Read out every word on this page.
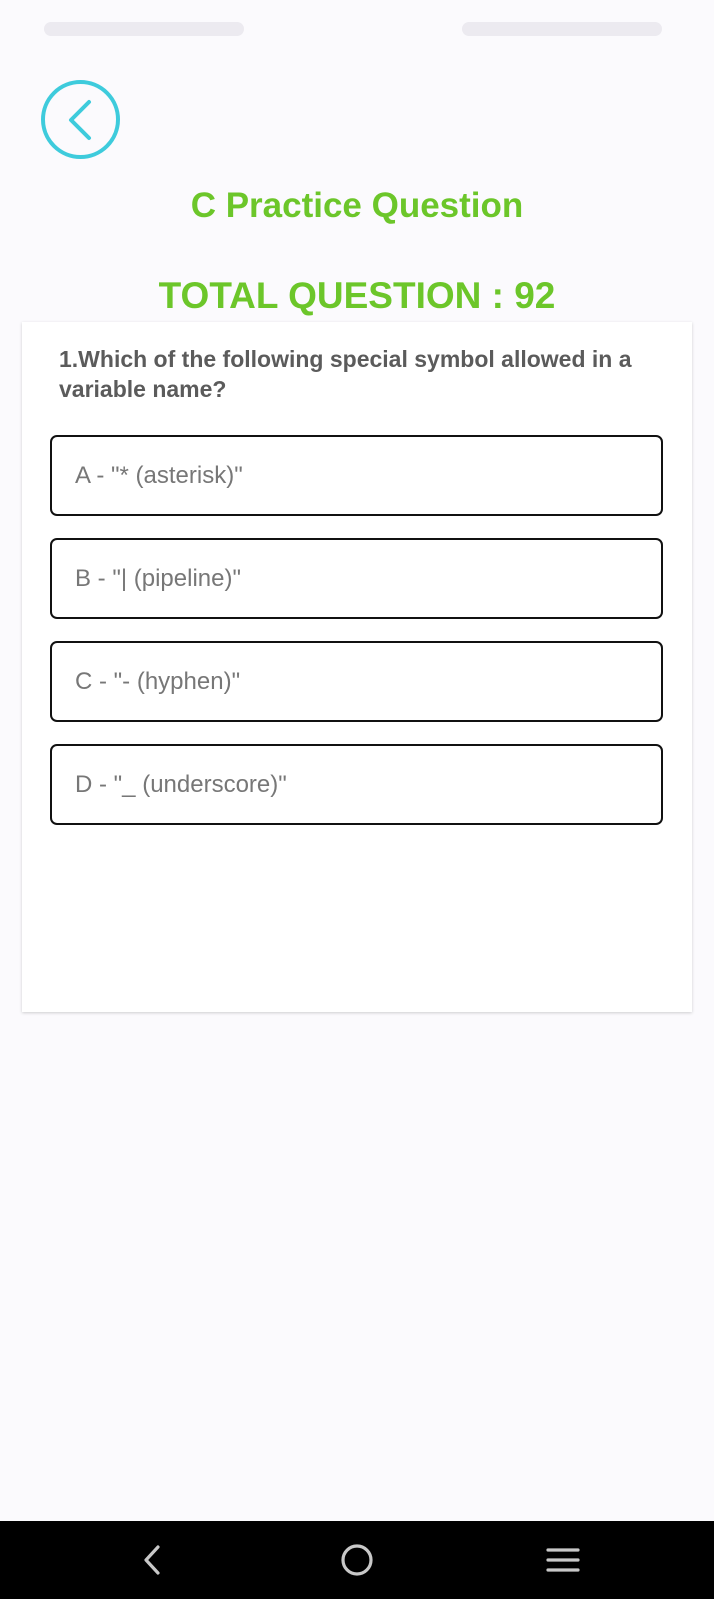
C Practice Question
TOTAL QUESTION : 92
1.Which of the following special symbol allowed in a variable name?
A - "* (asterisk)"
B - "| (pipeline)"
C - "- (hyphen)"
D - "_ (underscore)"
